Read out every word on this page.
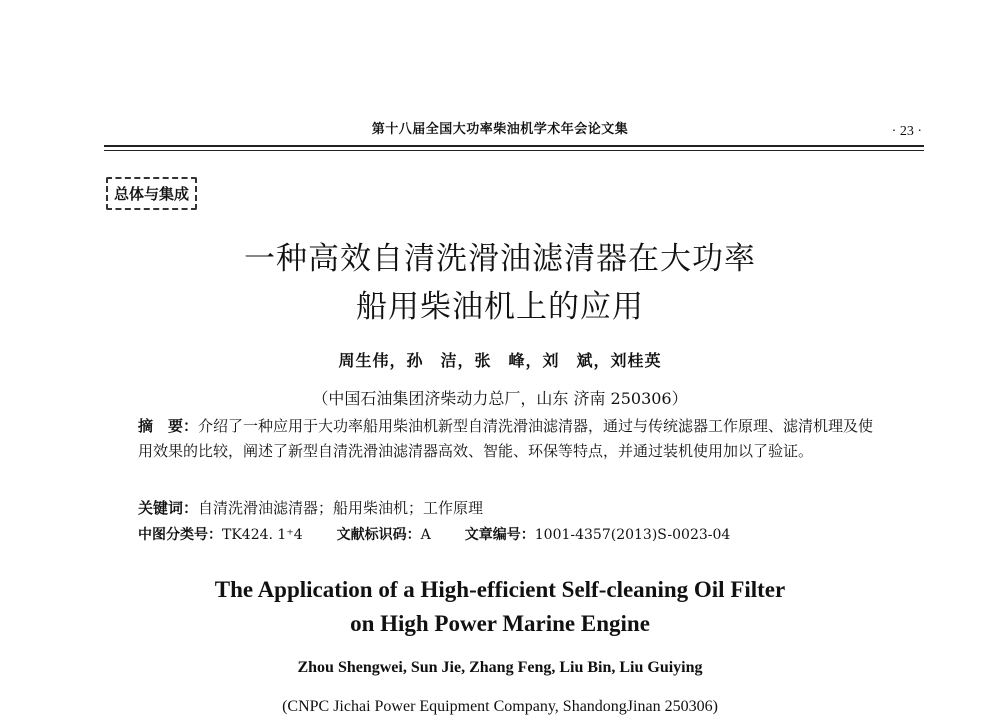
第十八届全国大功率柴油机学术年会论文集	· 23 ·
总体与集成
一种高效自清洗滑油滤清器在大功率
船用柴油机上的应用
周生伟，孙　洁，张　峰，刘　斌，刘桂英
（中国石油集团济柴动力总厂，山东 济南 250306）
摘　要：介绍了一种应用于大功率船用柴油机新型自清洗滑油滤清器，通过与传统滤器工作原理、滤清机理及使用效果的比较，阐述了新型自清洗滑油滤清器高效、智能、环保等特点，并通过装机使用加以了验证。
关键词：自清洗滑油滤清器；船用柴油机；工作原理
中图分类号：TK424. 1⁺4 文献标识码：A 文章编号：1001-4357(2013)S-0023-04
The Application of a High-efficient Self-cleaning Oil Filter
on High Power Marine Engine
Zhou Shengwei, Sun Jie, Zhang Feng, Liu Bin, Liu Guiying
(CNPC Jichai Power Equipment Company, ShandongJinan 250306)
